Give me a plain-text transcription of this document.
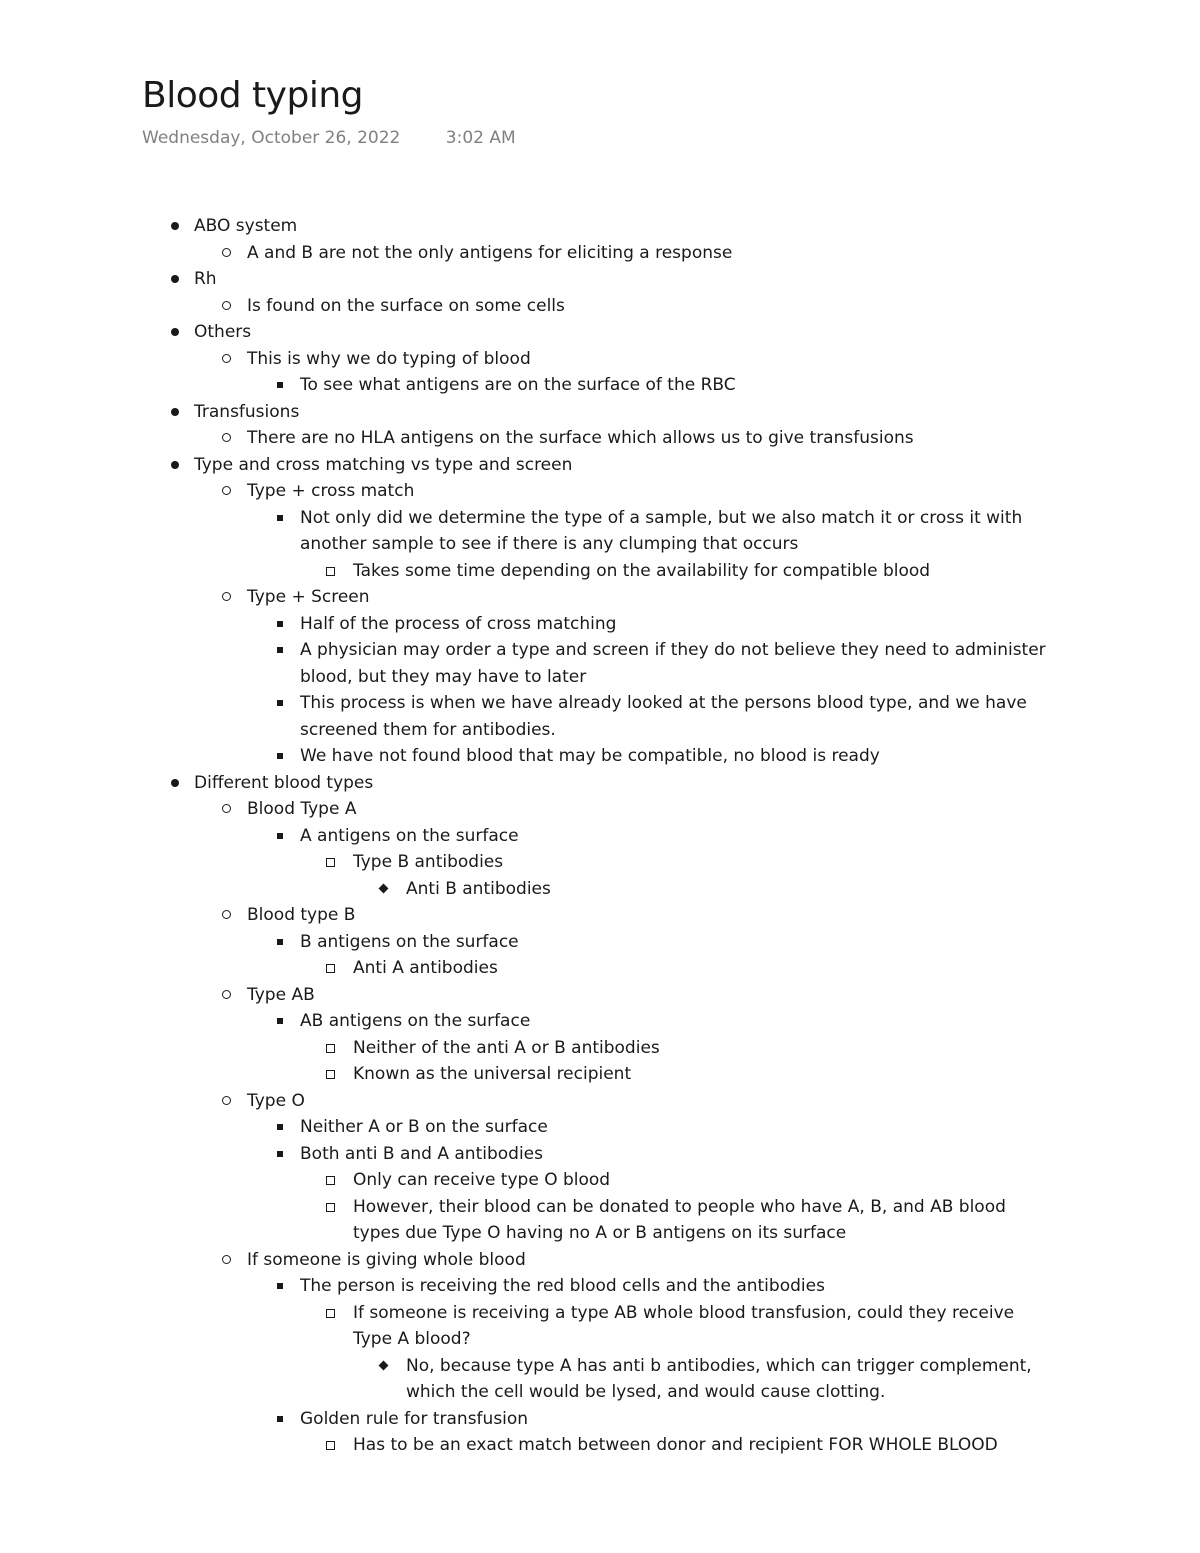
Blood typing
Wednesday, October 26, 2022	3:02 AM
ABO system
A and B are not the only antigens for eliciting a response
Rh
Is found on the surface on some cells
Others
This is why we do typing of blood
To see what antigens are on the surface of the RBC
Transfusions
There are no HLA antigens on the surface which allows us to give transfusions
Type and cross matching vs type and screen
Type + cross match
Not only did we determine the type of a sample, but we also match it or cross it with another sample to see if there is any clumping that occurs
Takes some time depending on the availability for compatible blood
Type + Screen
Half of the process of cross matching
A physician may order a type and screen if they do not believe they need to administer blood, but they may have to later
This process is when we have already looked at the persons blood type, and we have screened them for antibodies.
We have not found blood that may be compatible, no blood is ready
Different blood types
Blood Type A
A antigens on the surface
Type B antibodies
Anti B antibodies
Blood type B
B antigens on the surface
Anti A antibodies
Type AB
AB antigens on the surface
Neither of the anti A or B antibodies
Known as the universal recipient
Type O
Neither A or B on the surface
Both anti B and A antibodies
Only can receive type O blood
However, their blood can be donated to people who have A, B, and AB blood types due Type O having no A or B antigens on its surface
If someone is giving whole blood
The person is receiving the red blood cells and the antibodies
If someone is receiving a type AB whole blood transfusion, could they receive Type A blood?
No, because type A has anti b antibodies, which can trigger complement, which the cell would be lysed, and would cause clotting.
Golden rule for transfusion
Has to be an exact match between donor and recipient FOR WHOLE BLOOD
